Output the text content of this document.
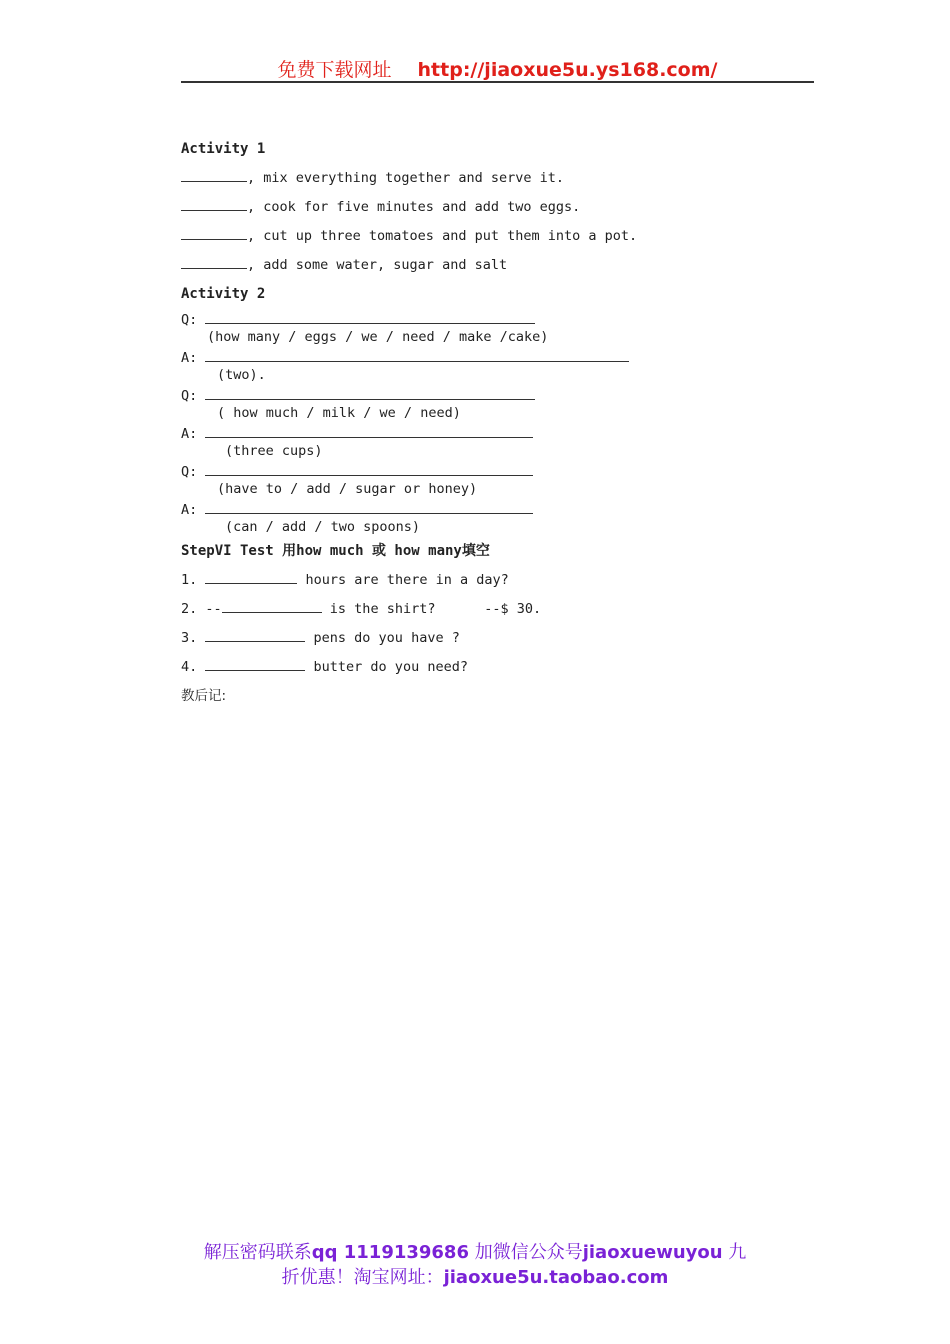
免费下载网址 http://jiaoxue5u.ys168.com/
Activity 1
, mix everything together and serve it.
, cook for five minutes and add two eggs.
, cut up three tomatoes and put them into a pot.
, add some water, sugar and salt
Activity 2
Q:
(how many / eggs / we / need / make /cake)
A:
(two).
Q:
( how much / milk / we / need)
A:
(three cups)
Q:
(have to / add / sugar or honey)
A:
(can / add / two spoons)
StepVI Test 用how much 或 how many填空
1.	hours are there in a day?
2. --	is the shirt?	--$ 30.
3.	pens do you have ?
4.	butter do you need?
教后记:
解压密码联系qq 1119139686 加微信公众号jiaoxuewuyou 九
折优惠！淘宝网址：jiaoxue5u.taobao.com
